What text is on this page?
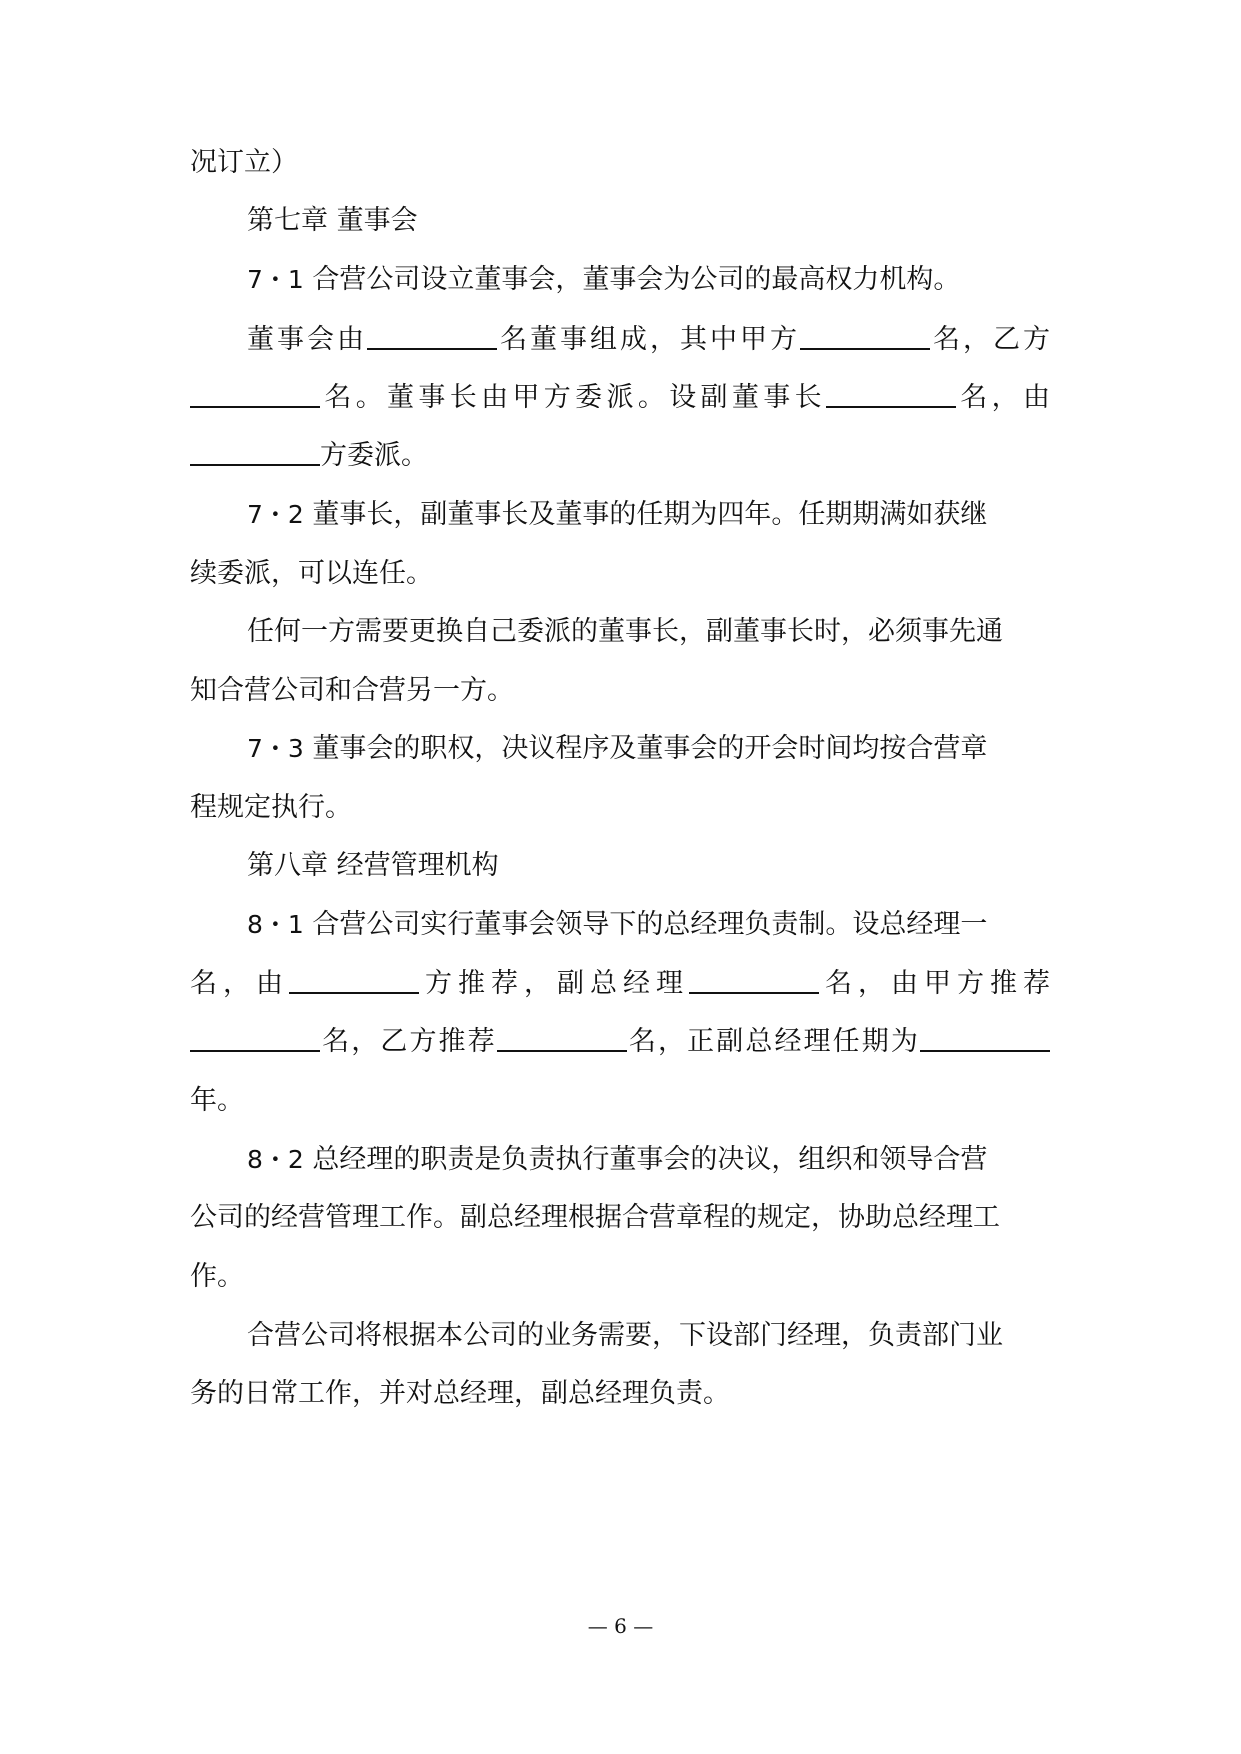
况订立）
第七章 董事会
7・1 合营公司设立董事会，董事会为公司的最高权力机构。
董事会由	名董事组成，其中甲方	名，乙方
名。董事长由甲方委派。设副董事长	名，由
方委派。
7・2 董事长，副董事长及董事的任期为四年。任期期满如获继
续委派，可以连任。
任何一方需要更换自己委派的董事长，副董事长时，必须事先通
知合营公司和合营另一方。
7・3 董事会的职权，决议程序及董事会的开会时间均按合营章
程规定执行。
第八章 经营管理机构
8・1 合营公司实行董事会领导下的总经理负责制。设总经理一
名，由	方推荐，副总经理	名，由甲方推荐
名，乙方推荐	名，正副总经理任期为
年。
8・2 总经理的职责是负责执行董事会的决议，组织和领导合营
公司的经营管理工作。副总经理根据合营章程的规定，协助总经理工
作。
合营公司将根据本公司的业务需要，下设部门经理，负责部门业
务的日常工作，并对总经理，副总经理负责。
— 6 —
